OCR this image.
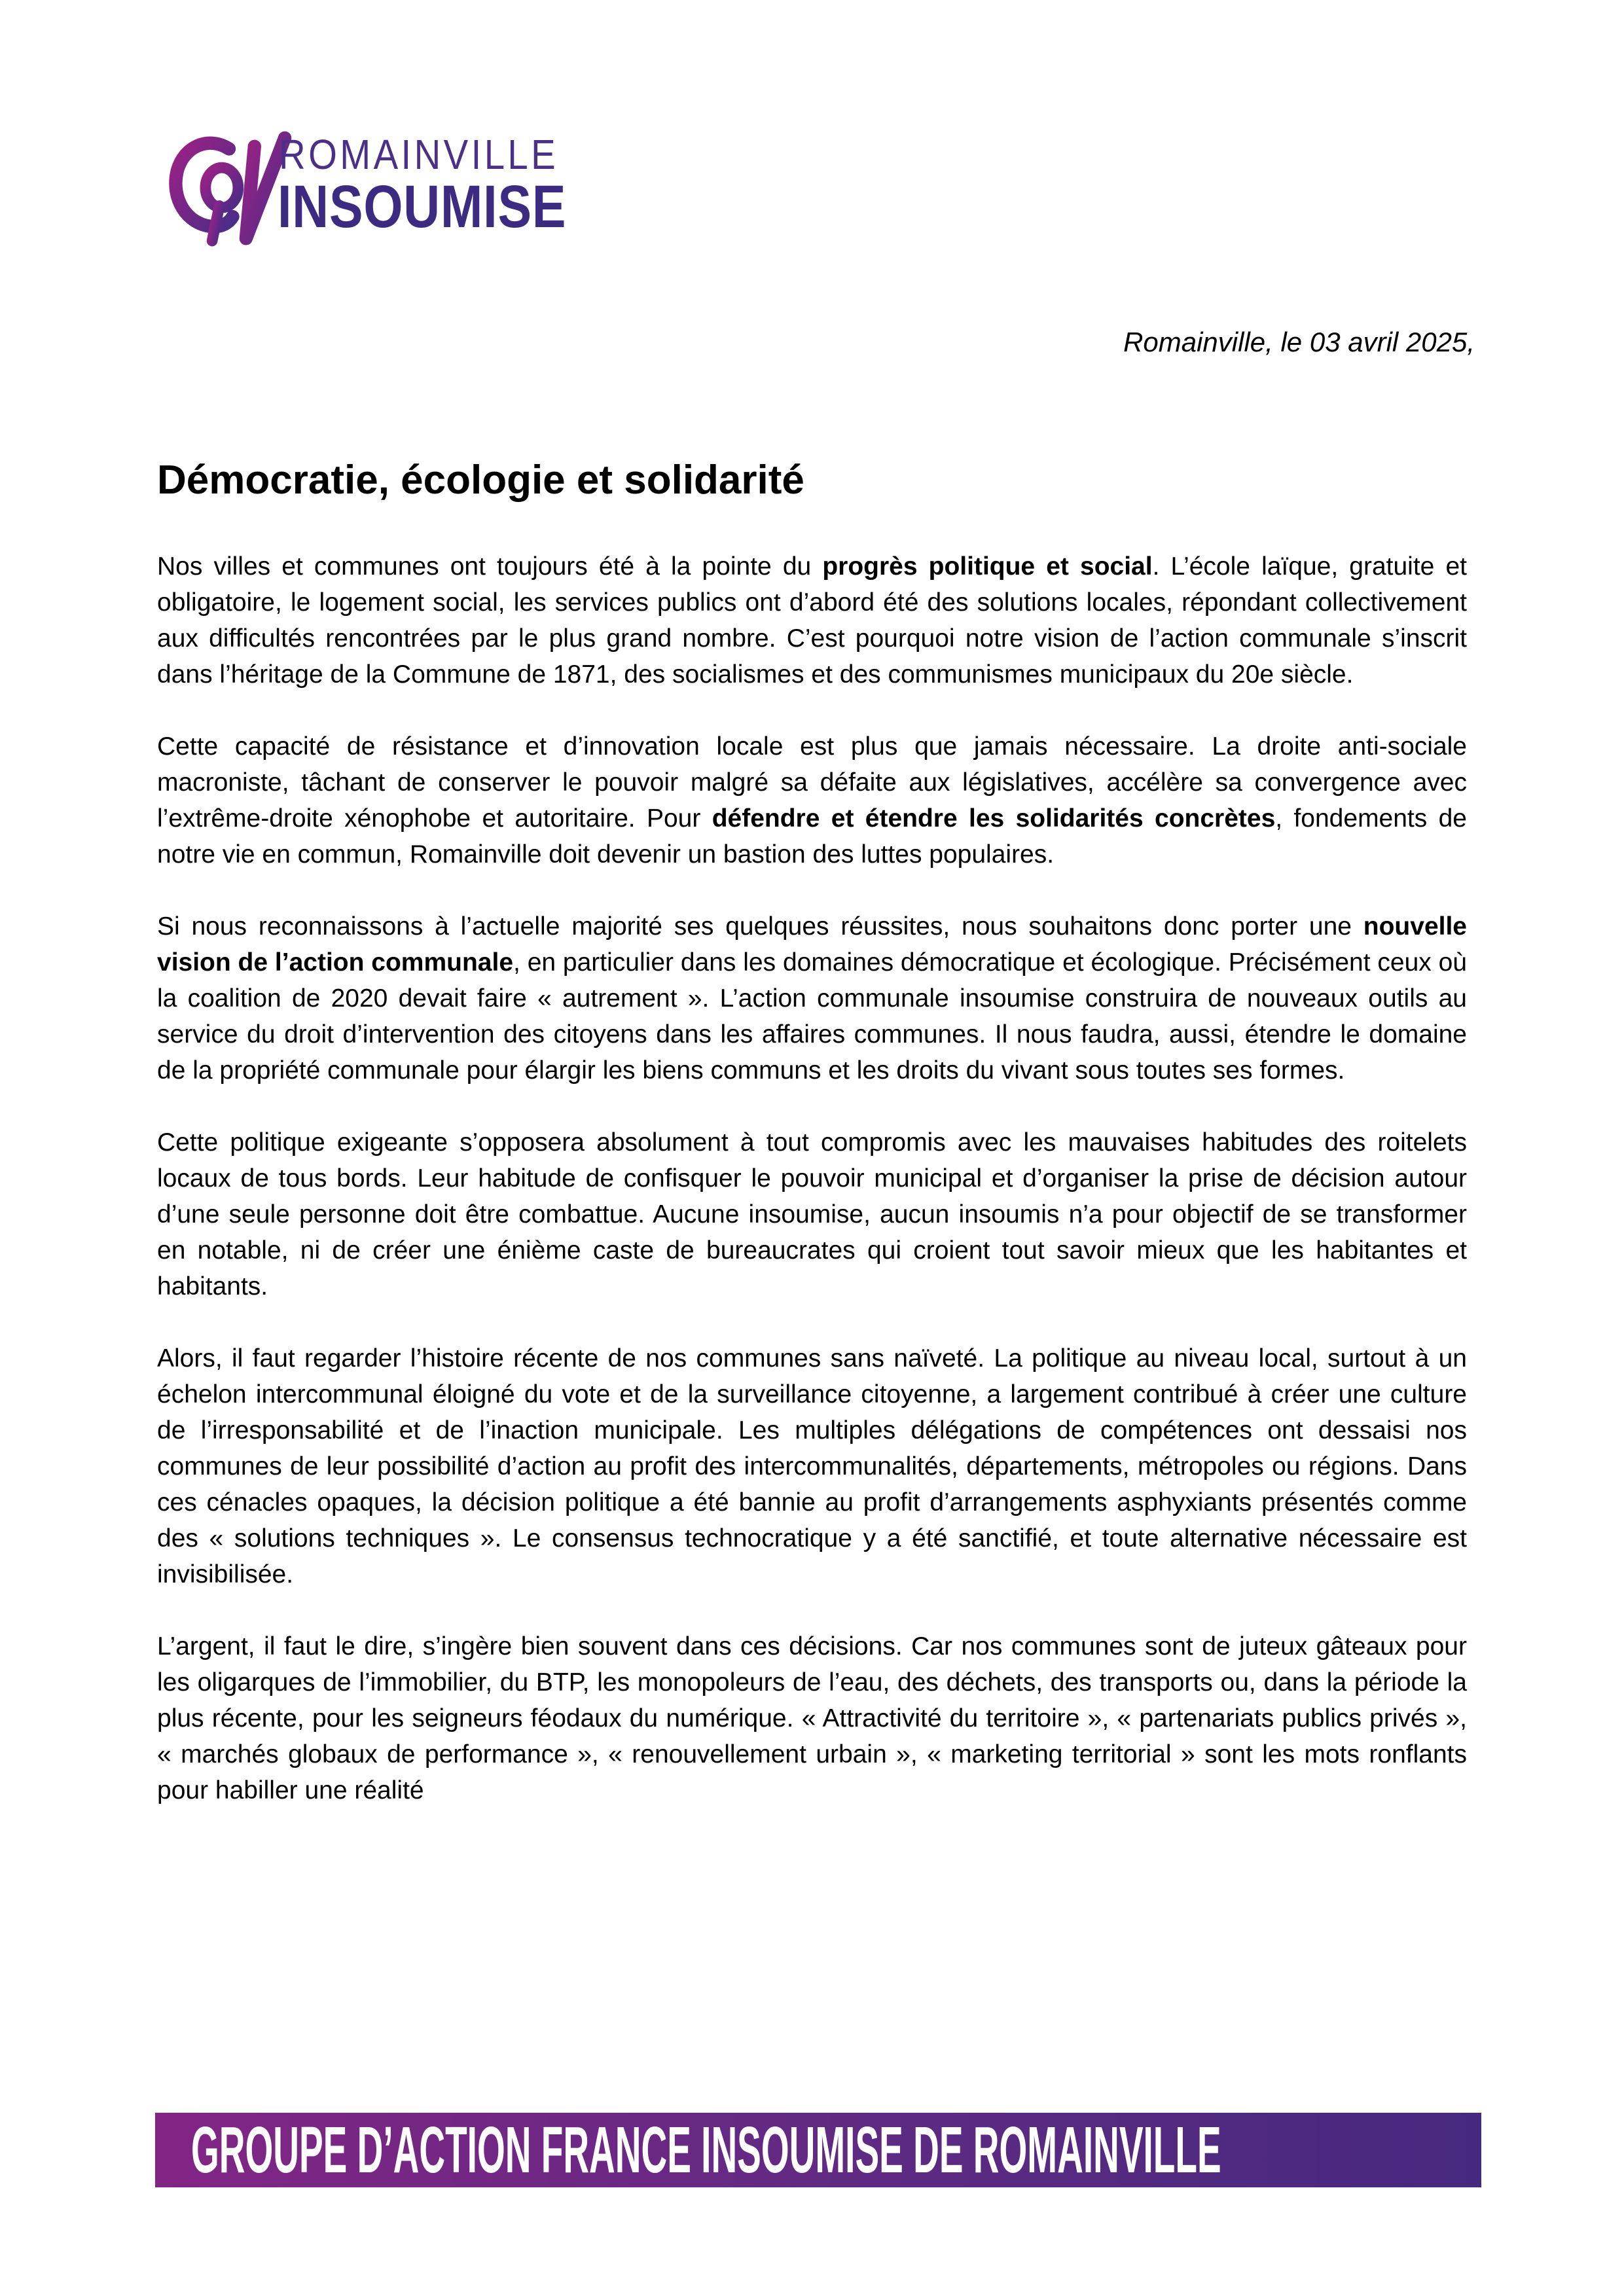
ROMAINVILLE
INSOUMISE
Romainville, le 03 avril 2025,
Démocratie, écologie et solidarité

Nos villes et communes ont toujours été à la pointe du progrès politique et social. L’école laïque, gratuite et obligatoire, le logement social, les services publics ont d’abord été des solutions locales, répondant collectivement aux difficultés rencontrées par le plus grand nombre. C’est pourquoi notre vision de l’action communale s’inscrit dans l’héritage de la Commune de 1871, des socialismes et des communismes municipaux du 20e siècle.

Cette capacité de résistance et d’innovation locale est plus que jamais nécessaire. La droite anti-sociale macroniste, tâchant de conserver le pouvoir malgré sa défaite aux législatives, accélère sa convergence avec l’extrême-droite xénophobe et autoritaire. Pour défendre et étendre les solidarités concrètes, fondements de notre vie en commun, Romainville doit devenir un bastion des luttes populaires.

Si nous reconnaissons à l’actuelle majorité ses quelques réussites, nous souhaitons donc porter une nouvelle vision de l’action communale, en particulier dans les domaines démocratique et écologique. Précisément ceux où la coalition de 2020 devait faire « autrement ». L’action communale insoumise construira de nouveaux outils au service du droit d’intervention des citoyens dans les affaires communes. Il nous faudra, aussi, étendre le domaine de la propriété communale pour élargir les biens communs et les droits du vivant sous toutes ses formes.

Cette politique exigeante s’opposera absolument à tout compromis avec les mauvaises habitudes des roitelets locaux de tous bords. Leur habitude de confisquer le pouvoir municipal et d’organiser la prise de décision autour d’une seule personne doit être combattue. Aucune insoumise, aucun insoumis n’a pour objectif de se transformer en notable, ni de créer une énième caste de bureaucrates qui croient tout savoir mieux que les habitantes et habitants.

Alors, il faut regarder l’histoire récente de nos communes sans naïveté. La politique au niveau local, surtout à un échelon intercommunal éloigné du vote et de la surveillance citoyenne, a largement contribué à créer une culture de l’irresponsabilité et de l’inaction municipale. Les multiples délégations de compétences ont dessaisi nos communes de leur possibilité d’action au profit des intercommunalités, départements, métropoles ou régions. Dans ces cénacles opaques, la décision politique a été bannie au profit d’arrangements asphyxiants présentés comme des « solutions techniques ». Le consensus technocratique y a été sanctifié, et toute alternative nécessaire est invisibilisée.

L’argent, il faut le dire, s’ingère bien souvent dans ces décisions. Car nos communes sont de juteux gâteaux pour les oligarques de l’immobilier, du BTP, les monopoleurs de l’eau, des déchets, des transports ou, dans la période la plus récente, pour les seigneurs féodaux du numérique. « Attractivité du territoire », « partenariats publics privés », « marchés globaux de performance », « renouvellement urbain », « marketing territorial » sont les mots ronflants pour habiller une réalité

GROUPE D’ACTION FRANCE INSOUMISE DE ROMAINVILLE
